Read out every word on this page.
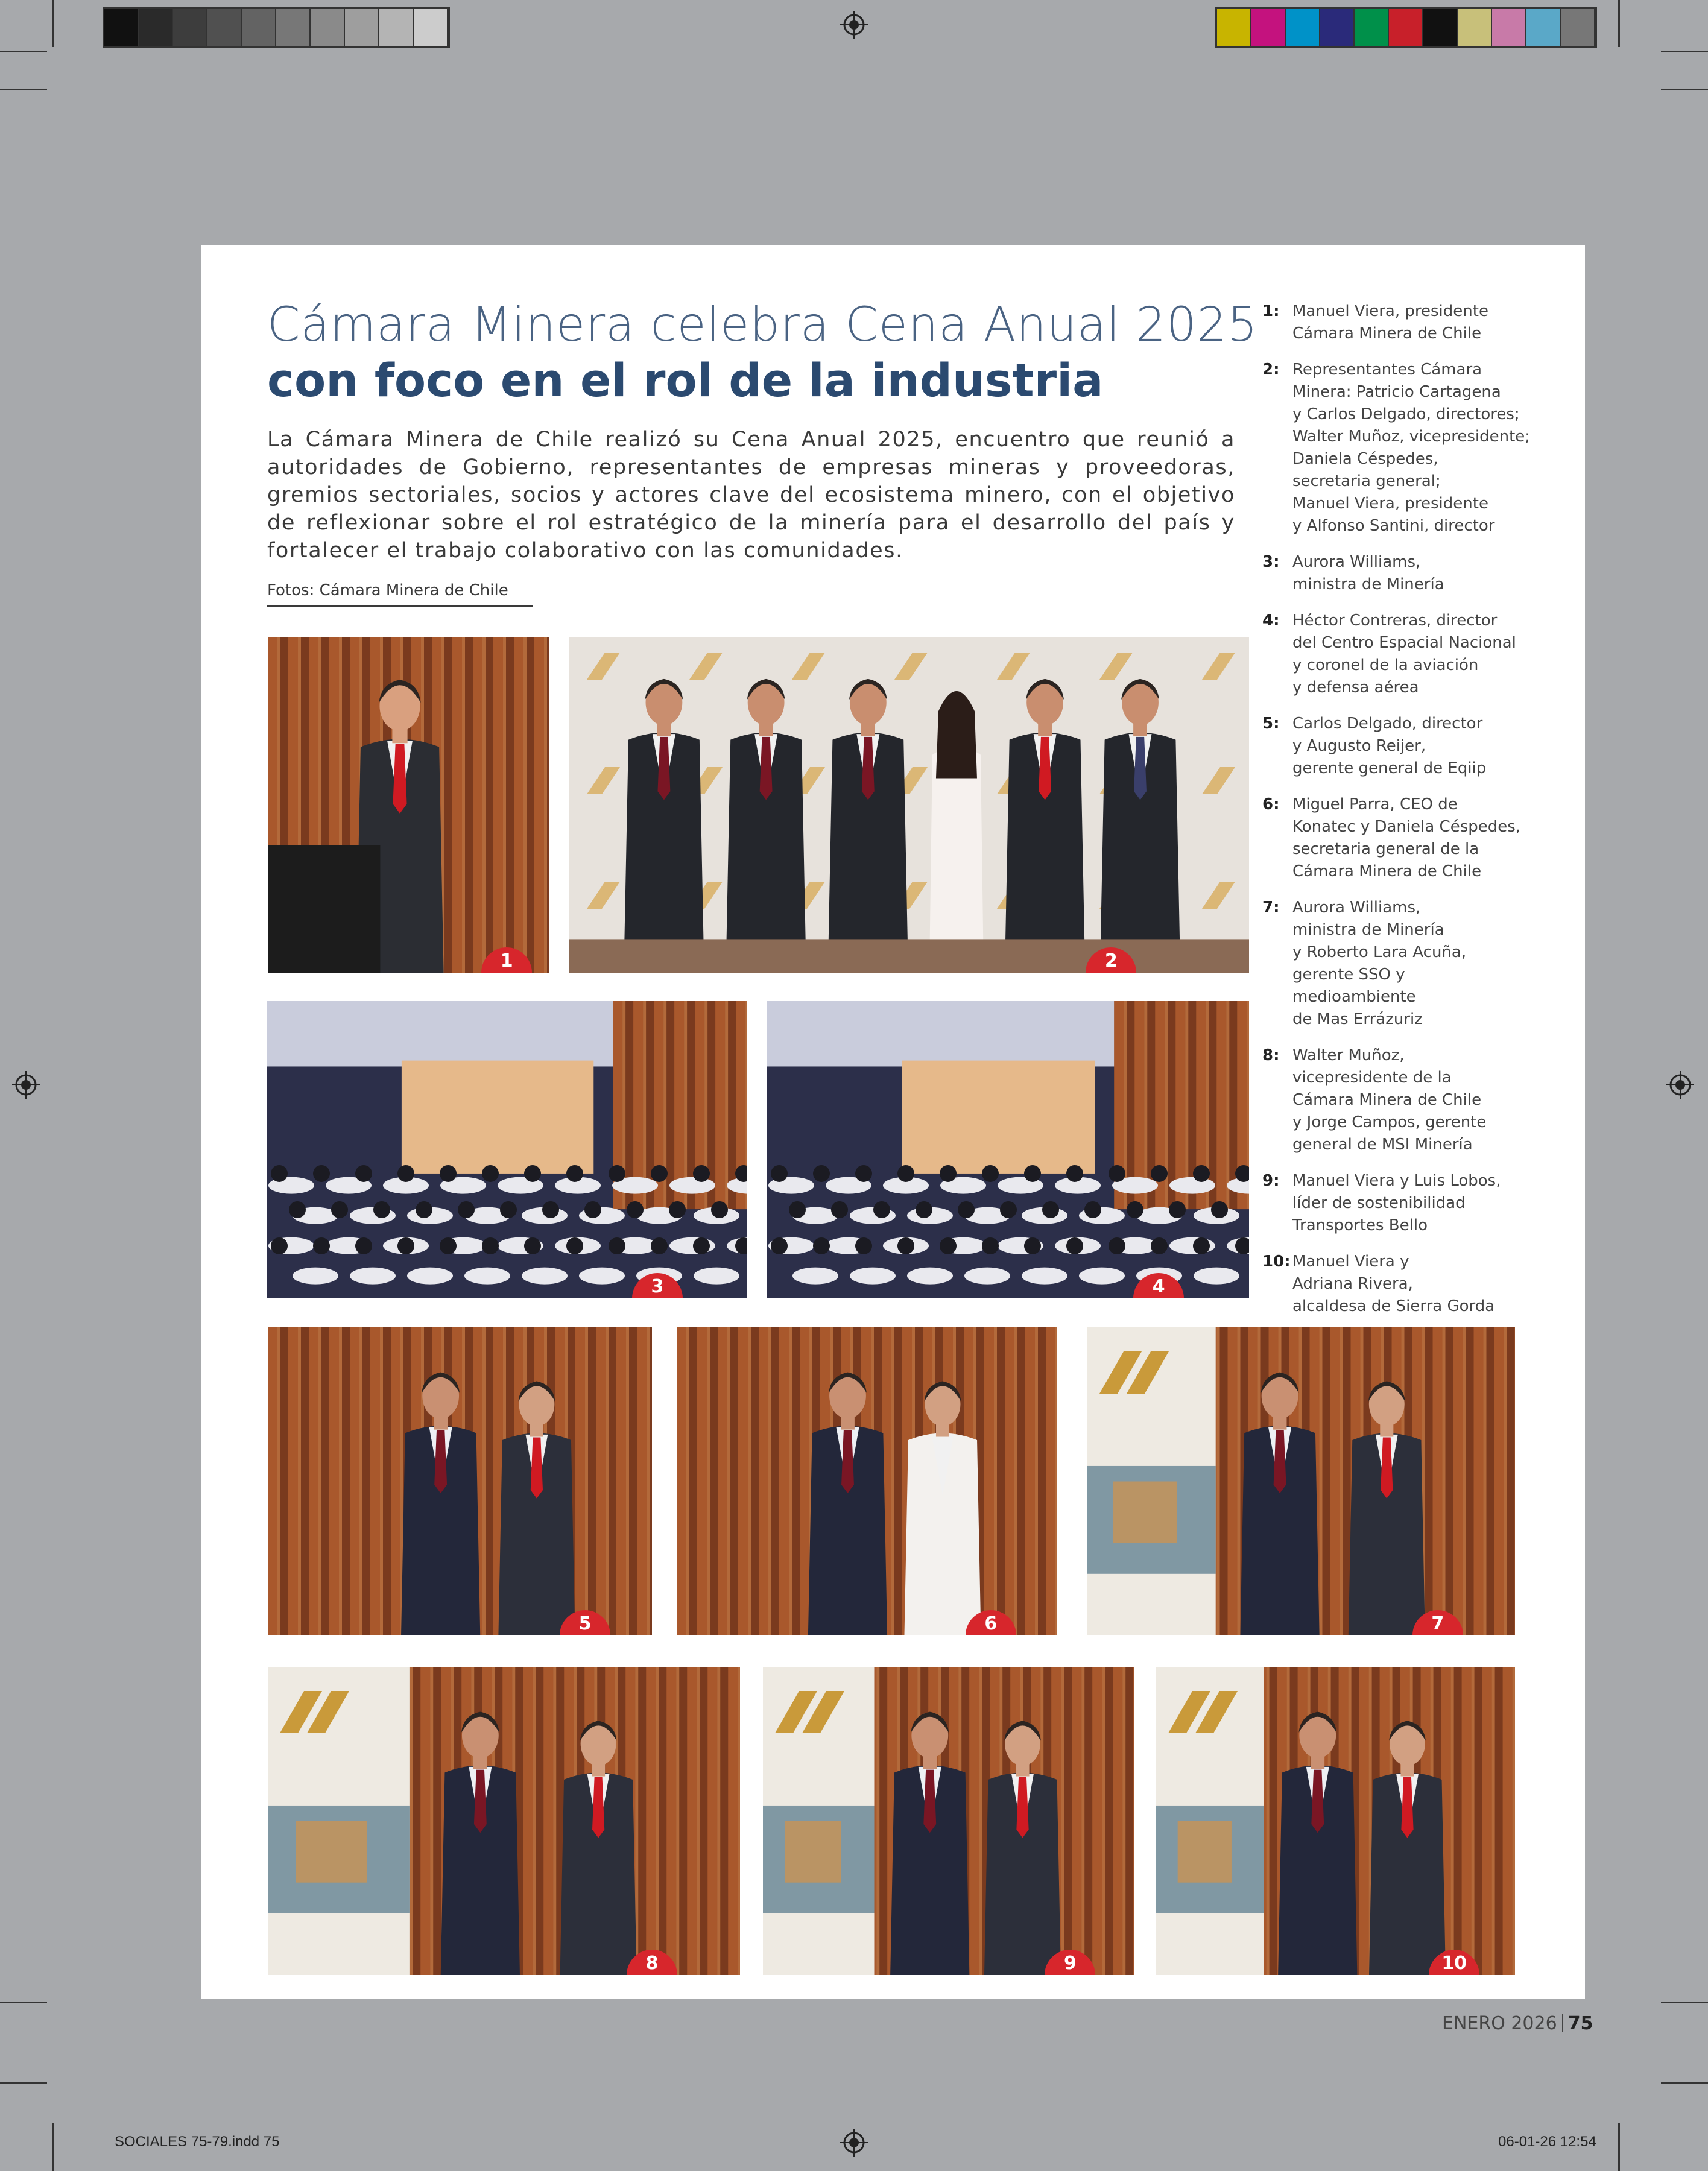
SOCIALES 75-79.indd 75	06-01-26 12:54
Cámara Minera celebra Cena Anual 2025
con foco en el rol de la industria
La Cámara Minera de Chile realizó su Cena Anual 2025, encuentro que reunió a autoridades de Gobierno, representantes de empresas mineras y proveedoras, gremios sectoriales, socios y actores clave del ecosistema minero, con el objetivo de reflexionar sobre el rol estratégico de la minería para el desarrollo del país y fortalecer el trabajo colaborativo con las comunidades.
Fotos: Cámara Minera de Chile
1: Manuel Viera, presidente
Cámara Minera de Chile
2: Representantes Cámara
Minera: Patricio Cartagena
y Carlos Delgado, directores;
Walter Muñoz, vicepresidente;
Daniela Céspedes,
secretaria general;
Manuel Viera, presidente
y Alfonso Santini, director
3: Aurora Williams,
ministra de Minería
4: Héctor Contreras, director
del Centro Espacial Nacional
y coronel de la aviación
y defensa aérea
5: Carlos Delgado, director
y Augusto Reijer,
gerente general de Eqiip
6: Miguel Parra, CEO de
Konatec y Daniela Céspedes,
secretaria general de la
Cámara Minera de Chile
7: Aurora Williams,
ministra de Minería
y Roberto Lara Acuña,
gerente SSO y
medioambiente
de Mas Errázuriz
8: Walter Muñoz,
vicepresidente de la
Cámara Minera de Chile
y Jorge Campos, gerente
general de MSI Minería
9: Manuel Viera y Luis Lobos,
líder de sostenibilidad
Transportes Bello
10: Manuel Viera y
Adriana Rivera,
alcaldesa de Sierra Gorda
1	2
3	4
5	6	7
8	9	10
ENERO 2026 75
